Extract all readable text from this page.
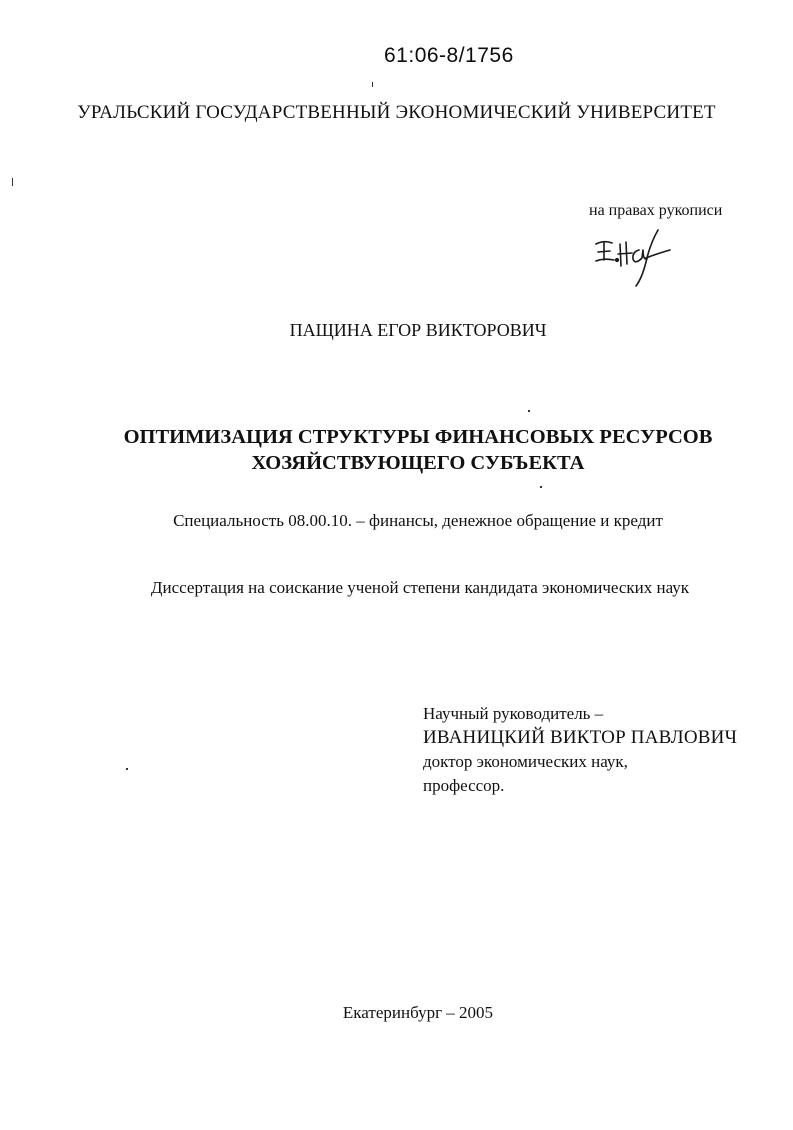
61:06-8/1756
УРАЛЬСКИЙ ГОСУДАРСТВЕННЫЙ ЭКОНОМИЧЕСКИЙ УНИВЕРСИТЕТ
на правах рукописи
ПАЩИНА ЕГОР ВИКТОРОВИЧ
ОПТИМИЗАЦИЯ СТРУКТУРЫ ФИНАНСОВЫХ РЕСУРСОВ
ХОЗЯЙСТВУЮЩЕГО СУБЪЕКТА
Специальность 08.00.10. – финансы, денежное обращение и кредит
Диссертация на соискание ученой степени кандидата экономических наук
Научный руководитель –
ИВАНИЦКИЙ ВИКТОР ПАВЛОВИЧ
доктор экономических наук,
профессор.
Екатеринбург – 2005
